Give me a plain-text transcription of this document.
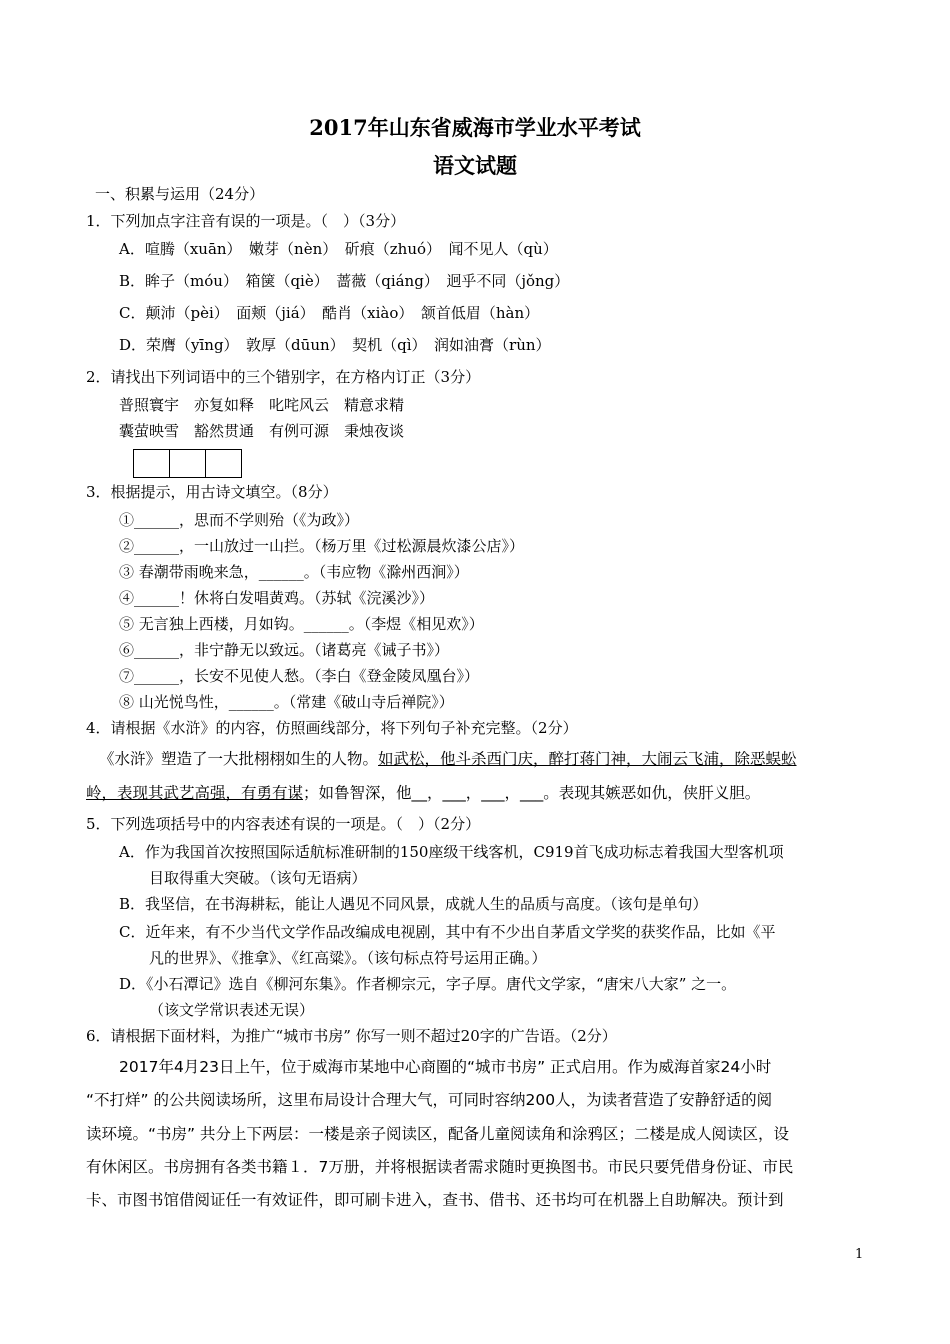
2017年山东省威海市学业水平考试
语文试题
一、积累与运用（24分）
1．下列加点字注音有误的一项是。（　）（3分）
A．喧腾（xuān）　嫩芽（nèn）　斫痕（zhuó）　闻不见人（qù）
B．眸子（móu）　箱箧（qiè）　蔷薇（qiáng）　迥乎不同（jǒng）
C．颠沛（pèi）　面颊（jiá）　酷肖（xiào）　颔首低眉（hàn）
D．荣膺（yīng）　敦厚（dūun）　契机（qì）　润如油膏（rùn）
2．请找出下列词语中的三个错别字，在方格内订正（3分）
普照寰宇　亦复如释　叱咤风云　精意求精
囊萤映雪　豁然贯通　有例可源　秉烛夜谈
3．根据提示，用古诗文填空。（8分）
①______，思而不学则殆（《为政》）
②______，一山放过一山拦。（杨万里《过松源晨炊漆公店》）
③ 春潮带雨晚来急，______。（韦应物《滁州西涧》）
④______！休将白发唱黄鸡。（苏轼《浣溪沙》）
⑤ 无言独上西楼，月如钩。______。（李煜《相见欢》）
⑥______，非宁静无以致远。（诸葛亮《诫子书》）
⑦______，长安不见使人愁。（李白《登金陵凤凰台》）
⑧ 山光悦鸟性，______。（常建《破山寺后禅院》）
4．请根据《水浒》的内容，仿照画线部分，将下列句子补充完整。（2分）
《水浒》塑造了一大批栩栩如生的人物。如武松，他斗杀西门庆，醉打蒋门神，大闹云飞浦，除恶蜈蚣
岭，表现其武艺高强，有勇有谋；如鲁智深，他__，___，___，___。表现其嫉恶如仇，侠肝义胆。
5．下列选项括号中的内容表述有误的一项是。（　）（2分）
A．作为我国首次按照国际适航标准研制的150座级干线客机，C919首飞成功标志着我国大型客机项
目取得重大突破。（该句无语病）
B．我坚信，在书海耕耘，能让人遇见不同风景，成就人生的品质与高度。（该句是单句）
C．近年来，有不少当代文学作品改编成电视剧，其中有不少出自茅盾文学奖的获奖作品，比如《平
凡的世界》、《推拿》、《红高粱》。（该句标点符号运用正确。）
D．《小石潭记》选自《柳河东集》。作者柳宗元，字子厚。唐代文学家，“唐宋八大家” 之一。
（该文学常识表述无误）
6．请根据下面材料，为推广“城市书房” 你写一则不超过20字的广告语。（2分）
2017年4月23日上午，位于威海市某地中心商圈的“城市书房” 正式启用。作为威海首家24小时
“不打烊” 的公共阅读场所，这里布局设计合理大气，可同时容纳200人，为读者营造了安静舒适的阅
读环境。“书房” 共分上下两层：一楼是亲子阅读区，配备儿童阅读角和涂鸦区；二楼是成人阅读区，设
有休闲区。书房拥有各类书籍１．7万册，并将根据读者需求随时更换图书。市民只要凭借身份证、市民
卡、市图书馆借阅证任一有效证件，即可刷卡进入，查书、借书、还书均可在机器上自助解决。预计到
1
